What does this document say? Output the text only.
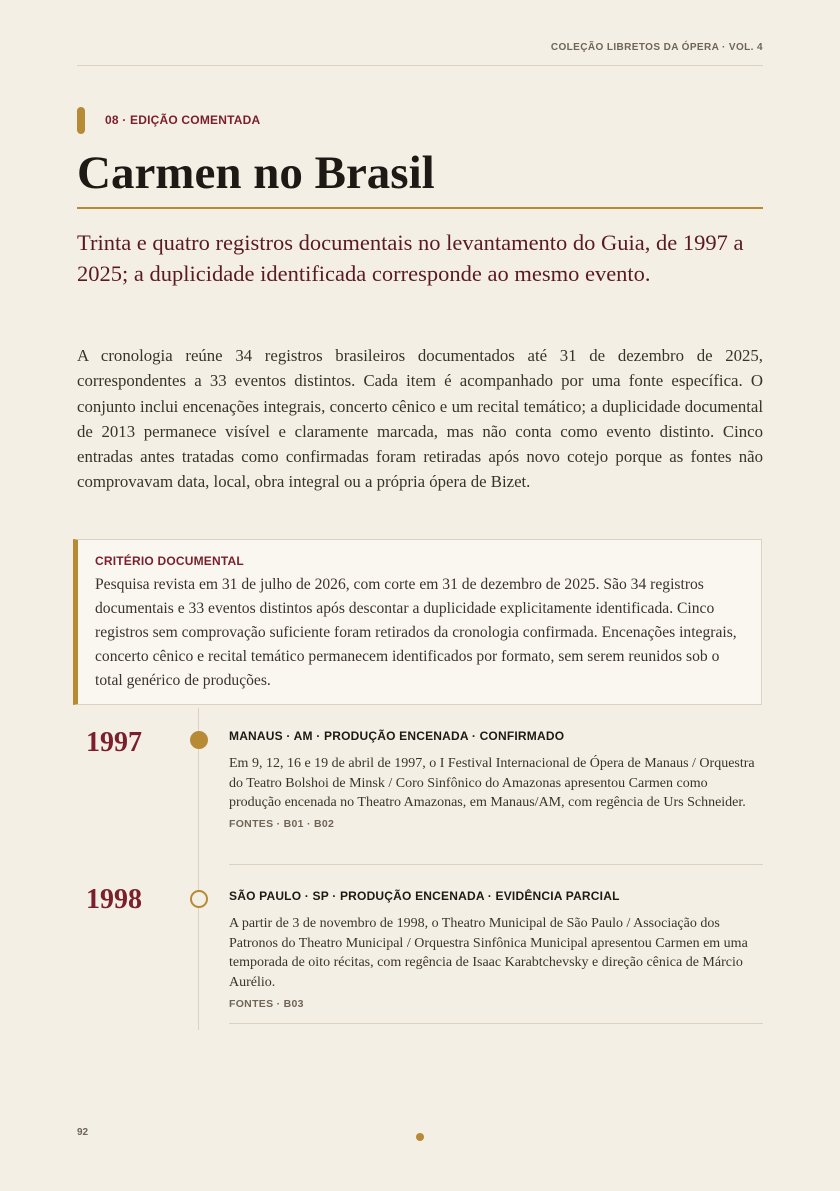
COLEÇÃO LIBRETOS DA ÓPERA · VOL. 4
08 · EDIÇÃO COMENTADA
Carmen no Brasil

Trinta e quatro registros documentais no levantamento do Guia, de 1997 a 2025; a duplicidade identificada corresponde ao mesmo evento.

A cronologia reúne 34 registros brasileiros documentados até 31 de dezembro de 2025, correspondentes a 33 eventos distintos. Cada item é acompanhado por uma fonte específica. O conjunto inclui encenações integrais, concerto cênico e um recital temático; a duplicidade documental de 2013 permanece visível e claramente marcada, mas não conta como evento distinto. Cinco entradas antes tratadas como confirmadas foram retiradas após novo cotejo porque as fontes não comprovavam data, local, obra integral ou a própria ópera de Bizet.

CRITÉRIO DOCUMENTAL

Pesquisa revista em 31 de julho de 2026, com corte em 31 de dezembro de 2025. São 34 registros documentais e 33 eventos distintos após descontar a duplicidade explicitamente identificada. Cinco registros sem comprovação suficiente foram retirados da cronologia confirmada. Encenações integrais, concerto cênico e recital temático permanecem identificados por formato, sem serem reunidos sob o total genérico de produções.

1997	MANAUS · AM · PRODUÇÃO ENCENADA · CONFIRMADO

Em 9, 12, 16 e 19 de abril de 1997, o I Festival Internacional de Ópera de Manaus / Orquestra do Teatro Bolshoi de Minsk / Coro Sinfônico do Amazonas apresentou Carmen como produção encenada no Theatro Amazonas, em Manaus/AM, com regência de Urs Schneider.

FONTES · B01 · B02
1998	SÃO PAULO · SP · PRODUÇÃO ENCENADA · EVIDÊNCIA PARCIAL

A partir de 3 de novembro de 1998, o Theatro Municipal de São Paulo / Associação dos Patronos do Theatro Municipal / Orquestra Sinfônica Municipal apresentou Carmen em uma temporada de oito récitas, com regência de Isaac Karabtchevsky e direção cênica de Márcio Aurélio.

FONTES · B03
92
